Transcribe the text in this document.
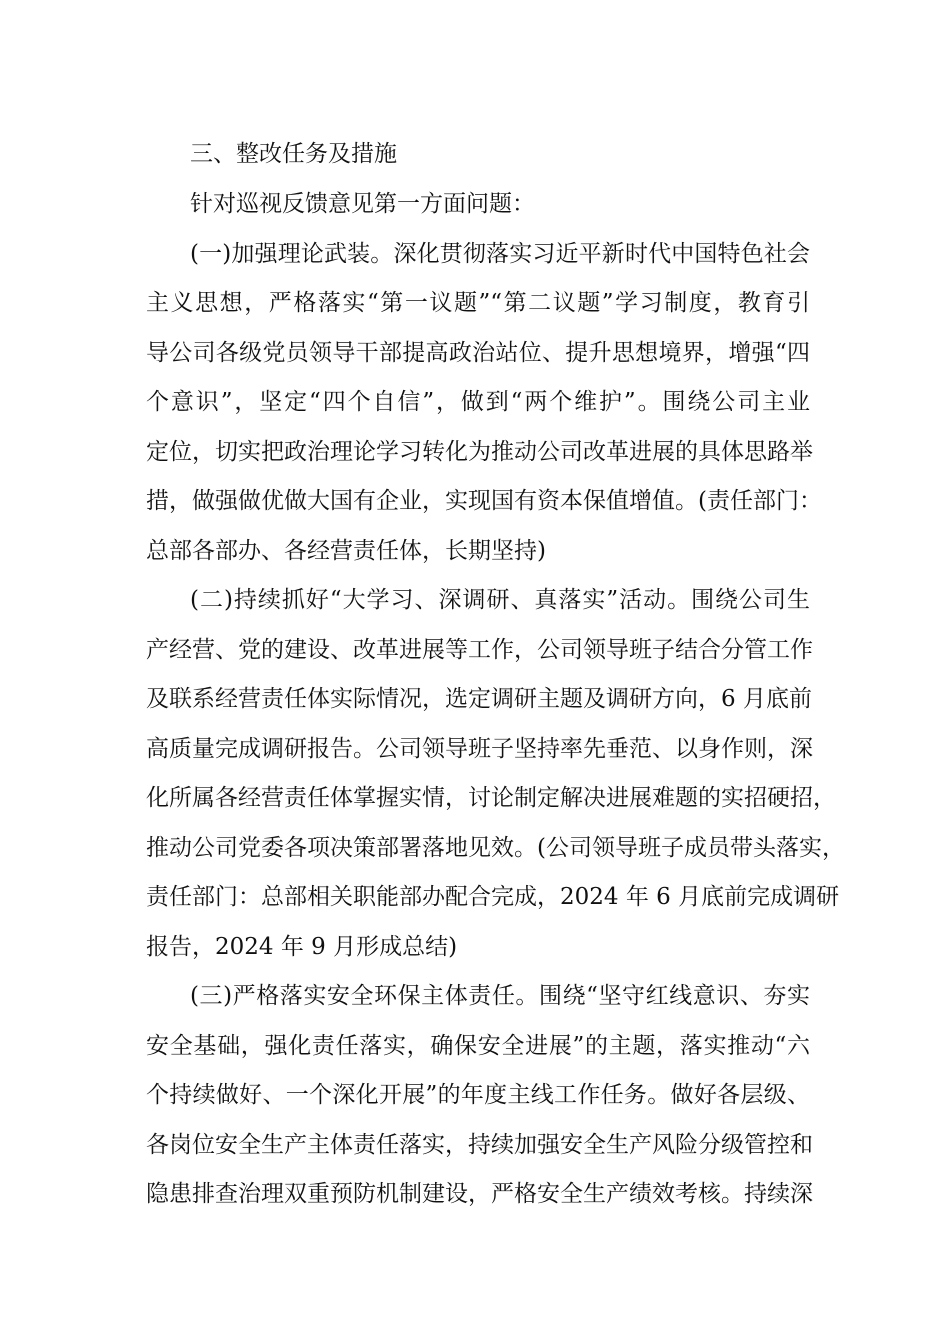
三、整改任务及措施

针对巡视反馈意见第一方面问题：

(一)加强理论武装。深化贯彻落实习近平新时代中国特色社会

主义思想，严格落实“第一议题”“第二议题”学习制度，教育引

导公司各级党员领导干部提高政治站位、提升思想境界，增强“四

个意识”，坚定“四个自信”，做到“两个维护”。围绕公司主业

定位，切实把政治理论学习转化为推动公司改革进展的具体思路举

措，做强做优做大国有企业，实现国有资本保值增值。(责任部门：

总部各部办、各经营责任体，长期坚持)

(二)持续抓好“大学习、深调研、真落实”活动。围绕公司生

产经营、党的建设、改革进展等工作，公司领导班子结合分管工作

及联系经营责任体实际情况，选定调研主题及调研方向，6 月底前

高质量完成调研报告。公司领导班子坚持率先垂范、以身作则，深

化所属各经营责任体掌握实情，讨论制定解决进展难题的实招硬招，

推动公司党委各项决策部署落地见效。(公司领导班子成员带头落实，

责任部门：总部相关职能部办配合完成，2024 年 6 月底前完成调研

报告，2024 年 9 月形成总结)

(三)严格落实安全环保主体责任。围绕“坚守红线意识、夯实

安全基础，强化责任落实，确保安全进展”的主题，落实推动“六

个持续做好、一个深化开展”的年度主线工作任务。做好各层级、

各岗位安全生产主体责任落实，持续加强安全生产风险分级管控和

隐患排查治理双重预防机制建设，严格安全生产绩效考核。持续深
